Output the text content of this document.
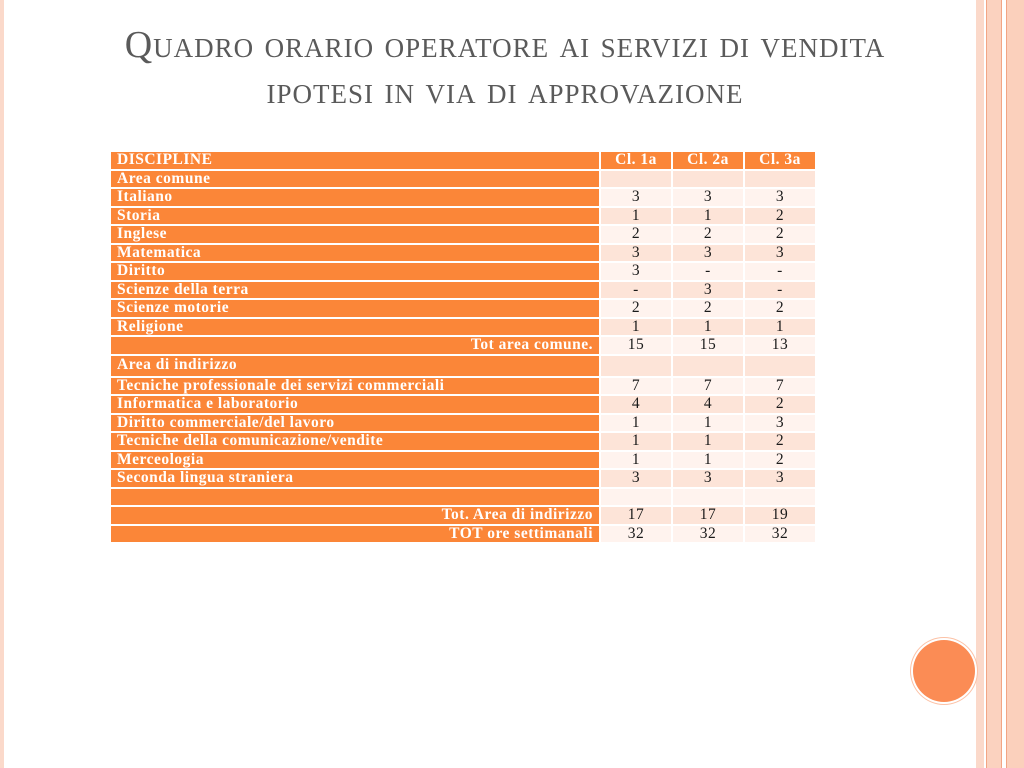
Quadro orario operatore ai servizi di vendita
ipotesi in via di approvazione
DISCIPLINE	Cl. 1a	Cl. 2a	Cl. 3a
Area comune			
Italiano	3	3	3
Storia	1	1	2
Inglese	2	2	2
Matematica	3	3	3
Diritto	3	-	-
Scienze della terra	-	3	-
Scienze motorie	2	2	2
Religione	1	1	1
Tot area comune.	15	15	13
Area di indirizzo			
Tecniche professionale dei servizi commerciali	7	7	7
Informatica e laboratorio	4	4	2
Diritto commerciale/del lavoro	1	1	3
Tecniche della comunicazione/vendite	1	1	2
Merceologia	1	1	2
Seconda lingua straniera	3	3	3

Tot. Area di indirizzo	17	17	19
TOT ore settimanali	32	32	32
